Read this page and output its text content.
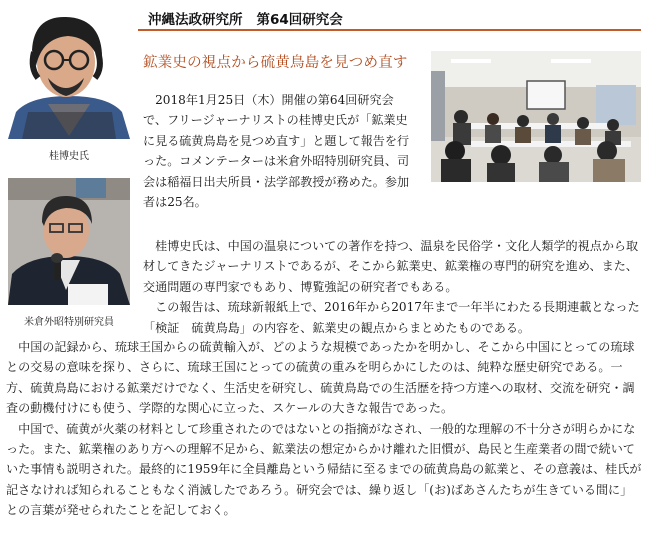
桂博史氏
米倉外昭特別研究員
沖縄法政研究所 第64回研究会
鉱業史の視点から硫黄鳥島を見つめ直す

　2018年1月25日（木）開催の第64回研究会で、フリージャーナリストの桂博史氏が「鉱業史に見る硫黄鳥島を見つめ直す」と題して報告を行った。コメンテーターは米倉外昭特別研究員、司会は稲福日出夫所員・法学部教授が務めた。参加者は25名。

　桂博史氏は、中国の温泉についての著作を持つ、温泉を民俗学・文化人類学的視点から取材してきたジャーナリストであるが、そこから鉱業史、鉱業権の専門的研究を進め、また、交通問題の専門家でもあり、博覧強記の研究者でもある。
　この報告は、琉球新報紙上で、2016年から2017年まで一年半にわたる長期連載となった「検証　硫黄鳥島」の内容を、鉱業史の観点からまとめたものである。

　中国の記録から、琉球王国からの硫黄輸入が、どのような規模であったかを明かし、そこから中国にとっての琉球との交易の意味を探り、さらに、琉球王国にとっての硫黄の重みを明らかにしたのは、純粋な歴史研究である。一方、硫黄鳥島における鉱業だけでなく、生活史を研究し、硫黄鳥島での生活歴を持つ方達への取材、交流を研究・調査の動機付けにも使う、学際的な関心に立った、スケールの大きな報告であった。
　中国で、硫黄が火薬の材料として珍重されたのではないとの指摘がなされ、一般的な理解の不十分さが明らかになった。また、鉱業権のあり方への理解不足から、鉱業法の想定からかけ離れた旧慣が、島民と生産業者の間で続いていた事情も説明された。最終的に1959年に全員離島という帰結に至るまでの硫黄鳥島の鉱業と、その意義は、桂氏が記さなければ知られることもなく消滅したであろう。研究会では、繰り返し「(お)ばあさんたちが生きている間に」との言葉が発せられたことを記しておく。
